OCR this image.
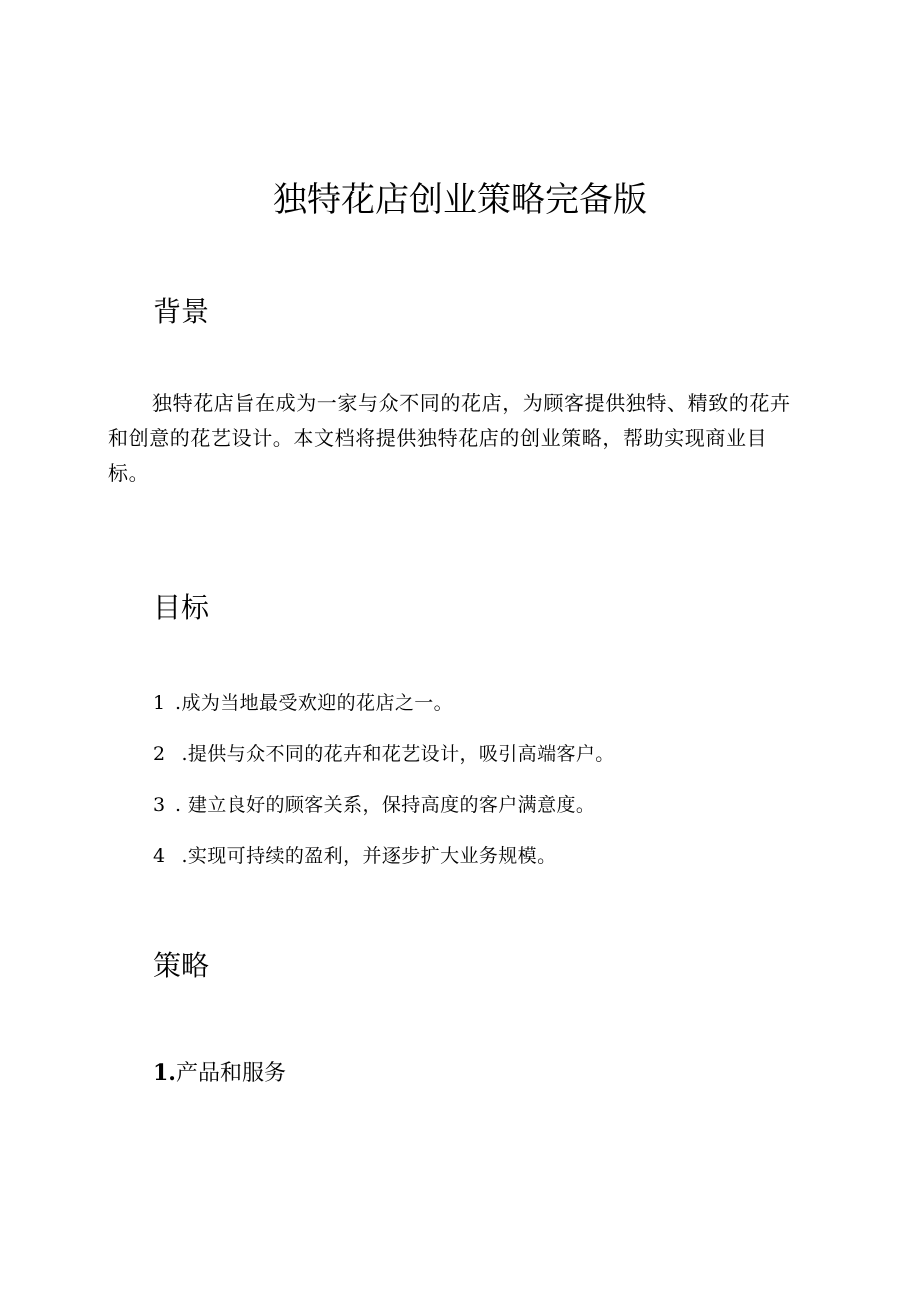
独特花店创业策略完备版
背景

独特花店旨在成为一家与众不同的花店，为顾客提供独特、精致的花卉和创意的花艺设计。本文档将提供独特花店的创业策略，帮助实现商业目标。

目标
1 .成为当地最受欢迎的花店之一。
2 .提供与众不同的花卉和花艺设计，吸引高端客户。
3 . 建立良好的顾客关系，保持高度的客户满意度。
4 .实现可持续的盈利，并逐步扩大业务规模。
策略
1.产品和服务
